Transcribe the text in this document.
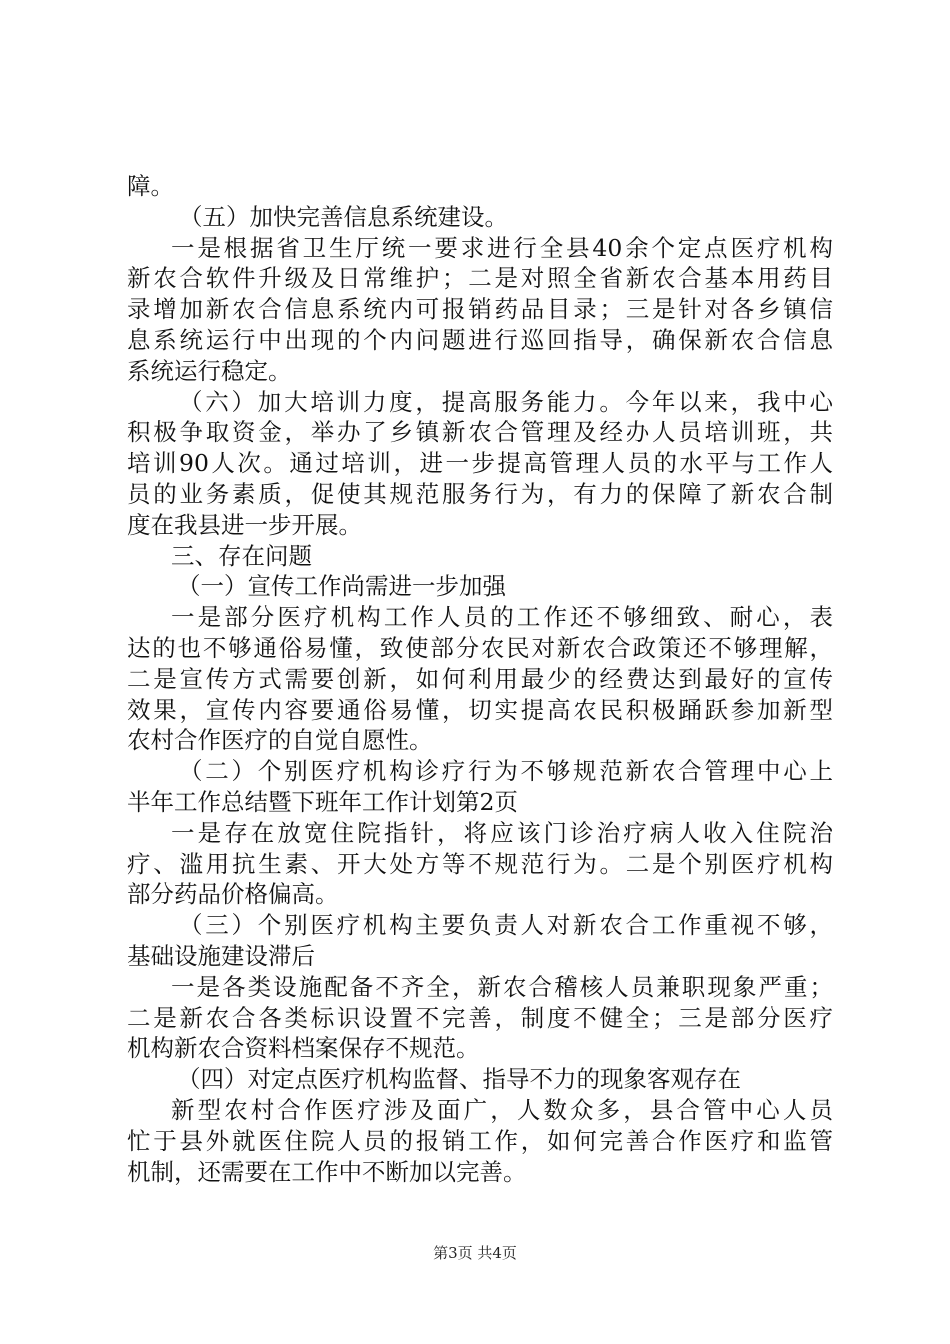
障。
（五）加快完善信息系统建设。
一是根据省卫生厅统一要求进行全县40余个定点医疗机构
新农合软件升级及日常维护；二是对照全省新农合基本用药目
录增加新农合信息系统内可报销药品目录；三是针对各乡镇信
息系统运行中出现的个内问题进行巡回指导，确保新农合信息
系统运行稳定。
（六）加大培训力度，提高服务能力。今年以来，我中心
积极争取资金，举办了乡镇新农合管理及经办人员培训班，共
培训90人次。通过培训，进一步提高管理人员的水平与工作人
员的业务素质，促使其规范服务行为，有力的保障了新农合制
度在我县进一步开展。
三、存在问题
（一）宣传工作尚需进一步加强
一是部分医疗机构工作人员的工作还不够细致、耐心，表
达的也不够通俗易懂，致使部分农民对新农合政策还不够理解，
二是宣传方式需要创新，如何利用最少的经费达到最好的宣传
效果，宣传内容要通俗易懂，切实提高农民积极踊跃参加新型
农村合作医疗的自觉自愿性。
（二）个别医疗机构诊疗行为不够规范新农合管理中心上
半年工作总结暨下班年工作计划第2页
一是存在放宽住院指针，将应该门诊治疗病人收入住院治
疗、滥用抗生素、开大处方等不规范行为。二是个别医疗机构
部分药品价格偏高。
（三）个别医疗机构主要负责人对新农合工作重视不够，
基础设施建设滞后
一是各类设施配备不齐全，新农合稽核人员兼职现象严重；
二是新农合各类标识设置不完善，制度不健全；三是部分医疗
机构新农合资料档案保存不规范。
（四）对定点医疗机构监督、指导不力的现象客观存在
新型农村合作医疗涉及面广，人数众多，县合管中心人员
忙于县外就医住院人员的报销工作，如何完善合作医疗和监管
机制，还需要在工作中不断加以完善。
第3页 共4页
